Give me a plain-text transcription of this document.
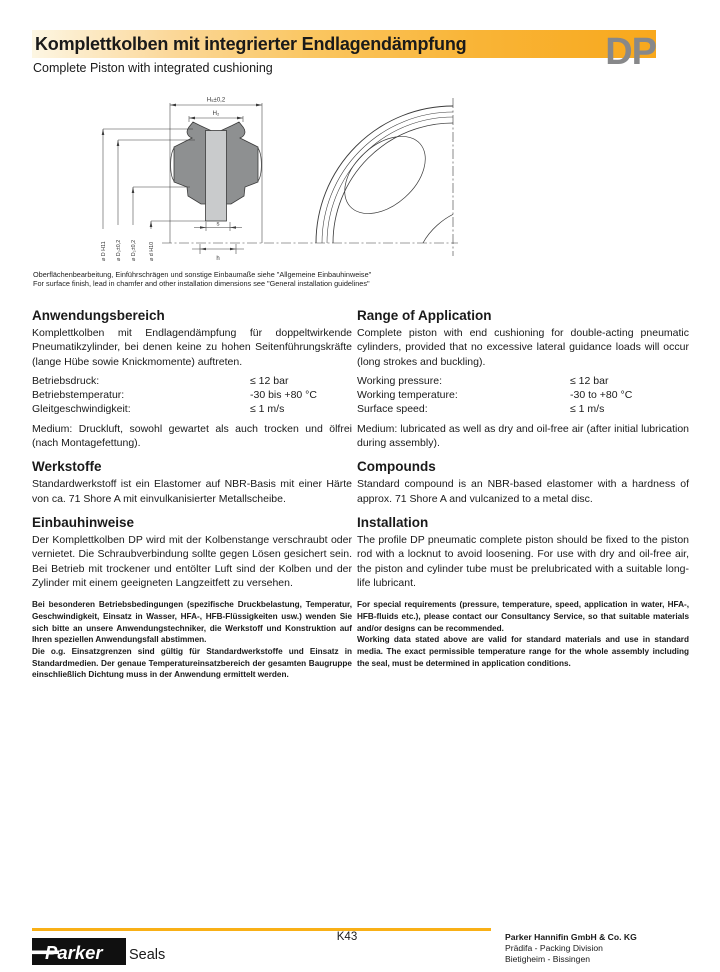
Komplettkolben mit integrierter Endlagendämpfung	DP
Complete Piston with integrated cushioning
H₅±0,2
H₂
⌀ D H11 ⌀ D₃±0,2 ⌀ D₂±0,2 ⌀ d H10
s
h
Oberflächenbearbeitung, Einführschrägen und sonstige Einbaumaße siehe "Allgemeine Einbauhinweise"
For surface finish, lead in chamfer and other installation dimensions see "General installation guidelines"
Anwendungsbereich

Komplettkolben mit Endlagendämpfung für doppeltwirkende Pneumatikzylinder, bei denen keine zu hohen Seitenführungskräfte (lange Hübe sowie Knickmomente) auftreten.

Betriebsdruck:	≤ 12 bar
Betriebstemperatur:	-30 bis +80 °C
Gleitgeschwindigkeit:	≤ 1 m/s

Medium: Druckluft, sowohl gewartet als auch trocken und ölfrei (nach Montagefettung).

Werkstoffe

Standardwerkstoff ist ein Elastomer auf NBR-Basis mit einer Härte von ca. 71 Shore A mit einvulkanisierter Metallscheibe.

Einbauhinweise

Der Komplettkolben DP wird mit der Kolbenstange verschraubt oder vernietet. Die Schraubverbindung sollte gegen Lösen gesichert sein. Bei Betrieb mit trockener und entölter Luft sind der Kolben und der Zylinder mit einem geeigneten Langzeitfett zu versehen.

Bei besonderen Betriebsbedingungen (spezifische Druckbelastung, Temperatur, Geschwindigkeit, Einsatz in Wasser, HFA-, HFB-Flüssigkeiten usw.) wenden Sie sich bitte an unsere Anwendungstechniker, die Werkstoff und Konstruktion auf Ihren speziellen Anwendungsfall abstimmen.

Die o.g. Einsatzgrenzen sind gültig für Standardwerkstoffe und Einsatz in Standardmedien. Der genaue Temperatureinsatzbereich der gesamten Baugruppe einschließlich Dichtung muss in der Anwendung ermittelt werden.

Range of Application

Complete piston with end cushioning for double-acting pneumatic cylinders, provided that no excessive lateral guidance loads will occur (long strokes and buckling).

Working pressure:	≤ 12 bar
Working temperature:	-30 to +80 °C
Surface speed:	≤ 1 m/s

Medium: lubricated as well as dry and oil-free air (after initial lubrication during assembly).

Compounds

Standard compound is an NBR-based elastomer with a hardness of approx. 71 Shore A and vulcanized to a metal disc.

Installation

The profile DP pneumatic complete piston should be fixed to the piston rod with a locknut to avoid loosening. For use with dry and oil-free air, the piston and cylinder tube must be prelubricated with a suitable long-life lubricant.

For special requirements (pressure, temperature, speed, application in water, HFA-, HFB-fluids etc.), please contact our Consultancy Service, so that suitable materials and/or designs can be recommended.

Working data stated above are valid for standard materials and use in standard media. The exact permissible temperature range for the whole assembly including the seal, must be determined in application conditions.

K43
Parker Seals
Parker Hannifin GmbH & Co. KG
Prädifa - Packing Division
Bietigheim - Bissingen
